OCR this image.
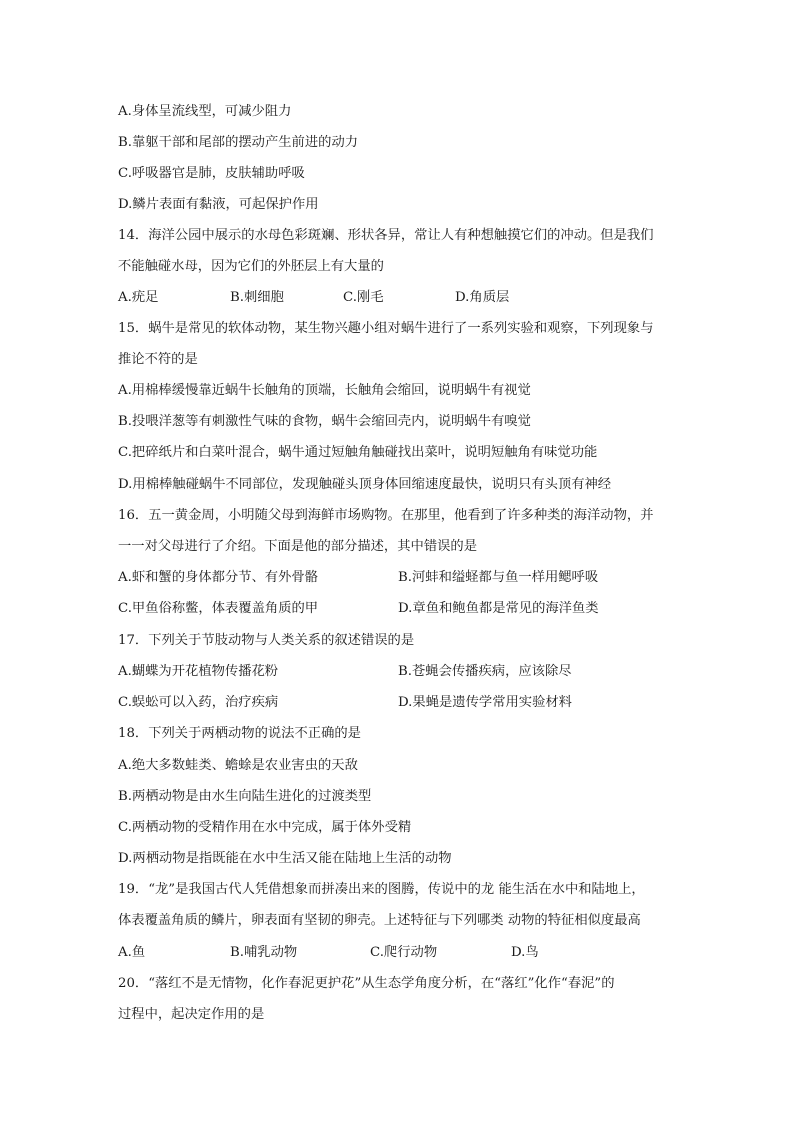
A.身体呈流线型，可减少阻力
B.靠躯干部和尾部的摆动产生前进的动力
C.呼吸器官是肺，皮肤辅助呼吸
D.鳞片表面有黏液，可起保护作用
14．海洋公园中展示的水母色彩斑斓、形状各异，常让人有种想触摸它们的冲动。但是我们
不能触碰水母，因为它们的外胚层上有大量的
A.疣足	B.刺细胞	C.刚毛	D.角质层
15．蜗牛是常见的软体动物，某生物兴趣小组对蜗牛进行了一系列实验和观察，下列现象与
推论不符的是
A.用棉棒缓慢靠近蜗牛长触角的顶端，长触角会缩回，说明蜗牛有视觉
B.投喂洋葱等有刺激性气味的食物，蜗牛会缩回壳内，说明蜗牛有嗅觉
C.把碎纸片和白菜叶混合，蜗牛通过短触角触碰找出菜叶，说明短触角有味觉功能
D.用棉棒触碰蜗牛不同部位，发现触碰头顶身体回缩速度最快，说明只有头顶有神经
16．五一黄金周，小明随父母到海鲜市场购物。在那里，他看到了许多种类的海洋动物，并
一一对父母进行了介绍。下面是他的部分描述，其中错误的是
A.虾和蟹的身体都分节、有外骨骼	B.河蚌和缢蛏都与鱼一样用鳃呼吸
C.甲鱼俗称鳖，体表覆盖角质的甲	D.章鱼和鲍鱼都是常见的海洋鱼类
17．下列关于节肢动物与人类关系的叙述错误的是
A.蝴蝶为开花植物传播花粉	B.苍蝇会传播疾病，应该除尽
C.蜈蚣可以入药，治疗疾病	D.果蝇是遗传学常用实验材料
18．下列关于两栖动物的说法不正确的是
A.绝大多数蛙类、蟾蜍是农业害虫的天敌
B.两栖动物是由水生向陆生进化的过渡类型
C.两栖动物的受精作用在水中完成，属于体外受精
D.两栖动物是指既能在水中生活又能在陆地上生活的动物
19．“龙”是我国古代人凭借想象而拼凑出来的图腾，传说中的龙 能生活在水中和陆地上，
体表覆盖角质的鳞片，卵表面有坚韧的卵壳。上述特征与下列哪类 动物的特征相似度最高
A.鱼	B.哺乳动物	C.爬行动物	D.鸟
20．“落红不是无情物，化作春泥更护花”从生态学角度分析，在“落红”化作“春泥”的
过程中，起决定作用的是
